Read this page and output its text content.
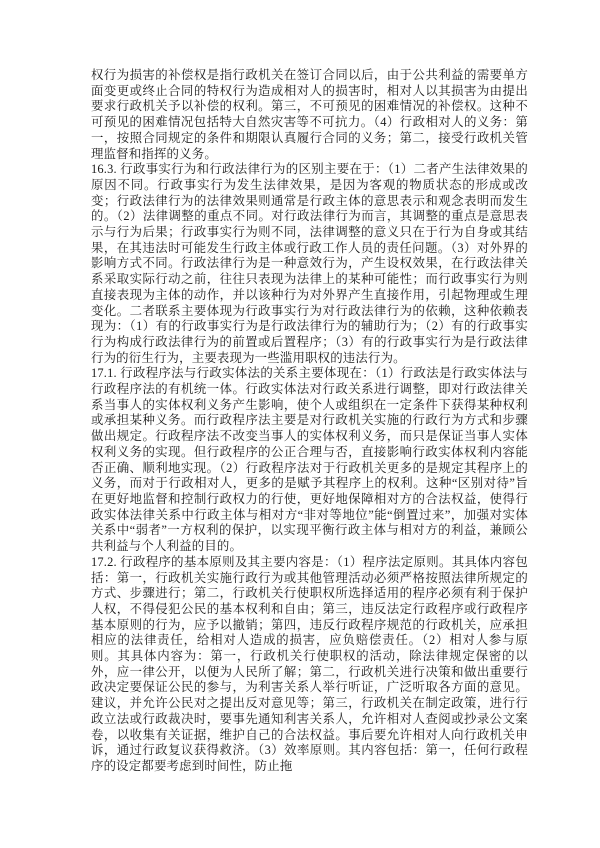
权行为损害的补偿权是指行政机关在签订合同以后，由于公共利益的需要单方面变更或终止合同的特权行为造成相对人的损害时，相对人以其损害为由提出要求行政机关予以补偿的权利。第三，不可预见的困难情况的补偿权。这种不可预见的困难情况包括特大自然灾害等不可抗力。（4）行政相对人的义务：第一，按照合同规定的条件和期限认真履行合同的义务；第二，接受行政机关管理监督和指挥的义务。

16.3. 行政事实行为和行政法律行为的区别主要在于：（1）二者产生法律效果的原因不同。行政事实行为发生法律效果，是因为客观的物质状态的形成或改变；行政法律行为的法律效果则通常是行政主体的意思表示和观念表明而发生的。（2）法律调整的重点不同。对行政法律行为而言，其调整的重点是意思表示与行为后果；行政事实行为则不同，法律调整的意义只在于行为自身或其结果，在其违法时可能发生行政主体或行政工作人员的责任问题。（3）对外界的影响方式不同。行政法律行为是一种意效行为，产生设权效果，在行政法律关系采取实际行动之前，往往只表现为法律上的某种可能性；而行政事实行为则直接表现为主体的动作，并以该种行为对外界产生直接作用，引起物理或生理变化。二者联系主要体现为行政事实行为对行政法律行为的依赖，这种依赖表现为：（1）有的行政事实行为是行政法律行为的辅助行为；（2）有的行政事实行为构成行政法律行为的前置或后置程序；（3）有的行政事实行为是行政法律行为的衍生行为，主要表现为一些滥用职权的违法行为。

17.1. 行政程序法与行政实体法的关系主要体现在：（1）行政法是行政实体法与行政程序法的有机统一体。行政实体法对行政关系进行调整，即对行政法律关系当事人的实体权利义务产生影响，使个人或组织在一定条件下获得某种权利或承担某种义务。而行政程序法主要是对行政机关实施的行政行为方式和步骤做出规定。行政程序法不改变当事人的实体权利义务，而只是保证当事人实体权利义务的实现。但行政程序的公正合理与否，直接影响行政实体权利内容能否正确、顺利地实现。（2）行政程序法对于行政机关更多的是规定其程序上的义务，而对于行政相对人，更多的是赋予其程序上的权利。这种“区别对待”旨在更好地监督和控制行政权力的行使，更好地保障相对方的合法权益，使得行政实体法律关系中行政主体与相对方“非对等地位”能“倒置过来”，加强对实体关系中“弱者”一方权利的保护，以实现平衡行政主体与相对方的利益，兼顾公共利益与个人利益的目的。

17.2. 行政程序的基本原则及其主要内容是：（1）程序法定原则。其具体内容包括：第一，行政机关实施行政行为或其他管理活动必须严格按照法律所规定的方式、步骤进行；第二，行政机关行使职权所选择适用的程序必须有利于保护人权，不得侵犯公民的基本权利和自由；第三，违反法定行政程序或行政程序基本原则的行为，应予以撤销；第四，违反行政程序规范的行政机关，应承担相应的法律责任，给相对人造成的损害，应负赔偿责任。（2）相对人参与原则。其具体内容为：第一，行政机关行使职权的活动，除法律规定保密的以外，应一律公开，以便为人民所了解；第二，行政机关进行决策和做出重要行政决定要保证公民的参与，为利害关系人举行听证，广泛听取各方面的意见。建议，并允许公民对之提出反对意见等；第三，行政机关在制定政策，进行行政立法或行政裁决时，要事先通知利害关系人，允许相对人查阅或抄录公文案卷，以收集有关证据，维护自己的合法权益。事后要允许相对人向行政机关申诉，通过行政复议获得救济。（3）效率原则。其内容包括：第一，任何行政程序的设定都要考虑到时间性，防止拖
